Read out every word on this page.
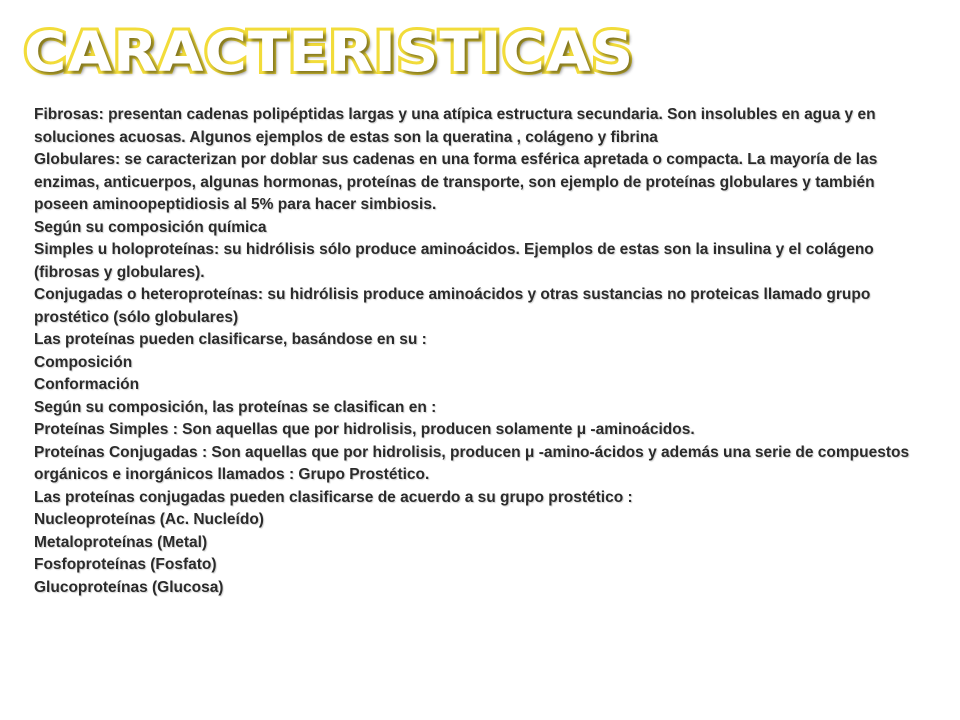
CARACTERISTICAS
Fibrosas: presentan cadenas polipéptidas largas y una atípica estructura secundaria. Son insolubles en agua y en soluciones acuosas. Algunos ejemplos de estas son la queratina , colágeno y fibrina
Globulares: se caracterizan por doblar sus cadenas en una forma esférica apretada o compacta. La mayoría de las enzimas, anticuerpos, algunas hormonas, proteínas de transporte, son ejemplo de proteínas globulares y también poseen aminoopeptidiosis al 5% para hacer simbiosis.
Según su composición química
Simples u holoproteínas: su hidrólisis sólo produce aminoácidos. Ejemplos de estas son la insulina y el colágeno (fibrosas y globulares).
Conjugadas o heteroproteínas: su hidrólisis produce aminoácidos y otras sustancias no proteicas llamado grupo prostético (sólo globulares)
Las proteínas pueden clasificarse, basándose en su :
Composición
Conformación
Según su composición, las proteínas se clasifican en :
Proteínas Simples : Son aquellas que por hidrolisis, producen solamente μ -aminoácidos.
Proteínas Conjugadas : Son aquellas que por hidrolisis, producen μ -amino-ácidos y además una serie de compuestos orgánicos e inorgánicos llamados : Grupo Prostético.
Las proteínas conjugadas pueden clasificarse de acuerdo a su grupo prostético :
Nucleoproteínas (Ac. Nucleído)
Metaloproteínas (Metal)
Fosfoproteínas (Fosfato)
Glucoproteínas (Glucosa)
